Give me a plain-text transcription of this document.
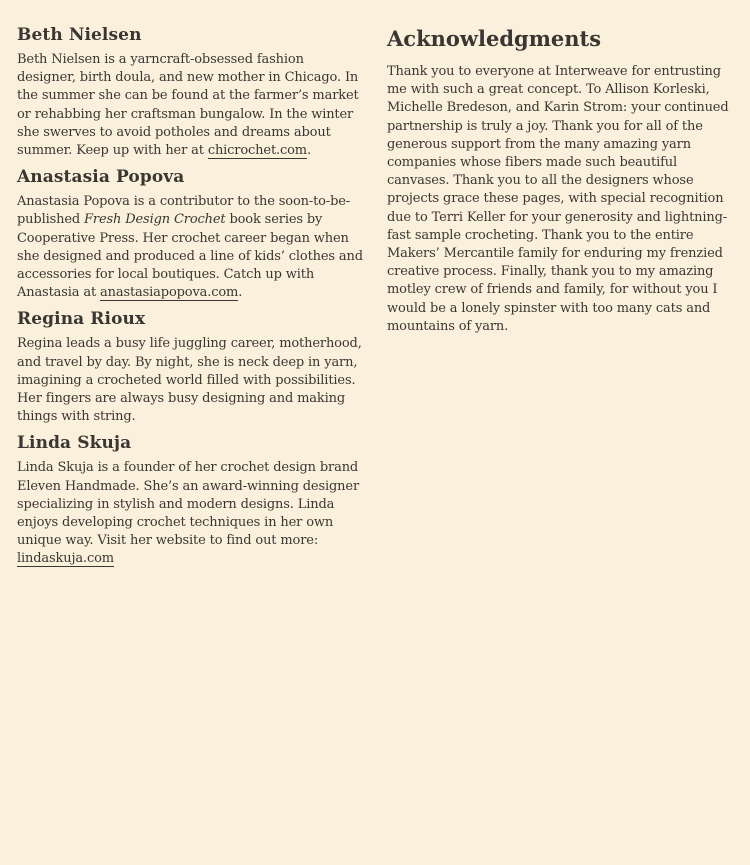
Beth Nielsen

Beth Nielsen is a yarncraft-obsessed fashion designer, birth doula, and new mother in Chicago. In the summer she can be found at the farmer’s market or rehabbing her craftsman bungalow. In the winter she swerves to avoid potholes and dreams about summer. Keep up with her at chicrochet.com.

Anastasia Popova

Anastasia Popova is a contributor to the soon-to-be-published Fresh Design Crochet book series by Cooperative Press. Her crochet career began when she designed and produced a line of kids’ clothes and accessories for local boutiques. Catch up with Anastasia at anastasiapopova.com.

Regina Rioux

Regina leads a busy life juggling career, motherhood, and travel by day. By night, she is neck deep in yarn, imagining a crocheted world filled with possibilities. Her fingers are always busy designing and making things with string.

Linda Skuja

Linda Skuja is a founder of her crochet design brand Eleven Handmade. She’s an award-winning designer specializing in stylish and modern designs. Linda enjoys developing crochet techniques in her own unique way. Visit her website to find out more: lindaskuja.com

Acknowledgments

Thank you to everyone at Interweave for entrusting me with such a great concept. To Allison Korleski, Michelle Bredeson, and Karin Strom: your continued partnership is truly a joy. Thank you for all of the generous support from the many amazing yarn companies whose fibers made such beautiful canvases. Thank you to all the designers whose projects grace these pages, with special recognition due to Terri Keller for your generosity and lightning-fast sample crocheting. Thank you to the entire Makers’ Mercantile family for enduring my frenzied creative process. Finally, thank you to my amazing motley crew of friends and family, for without you I would be a lonely spinster with too many cats and mountains of yarn.
